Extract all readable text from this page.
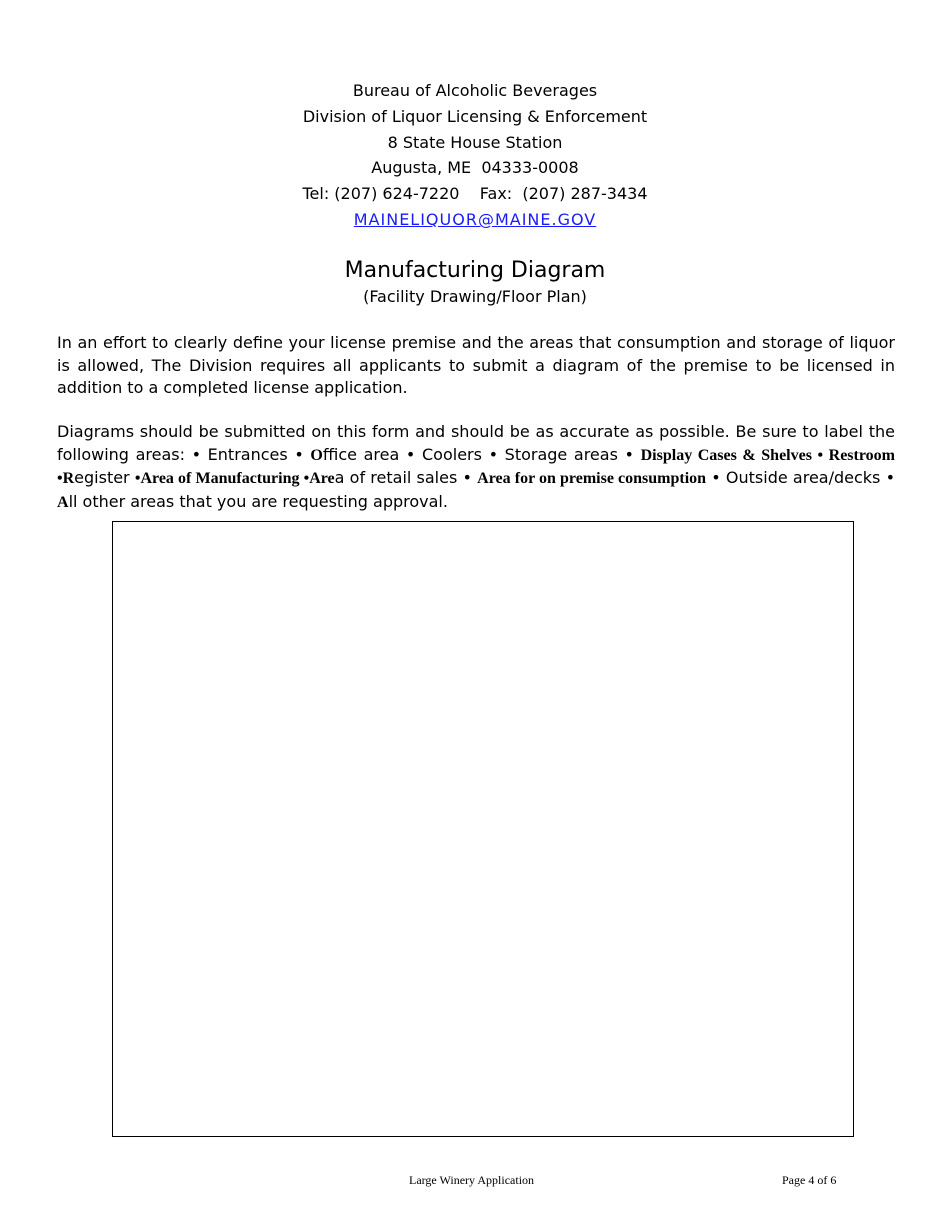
Bureau of Alcoholic Beverages
Division of Liquor Licensing & Enforcement
8 State House Station
Augusta, ME  04333-0008
Tel: (207) 624-7220    Fax:  (207) 287-3434
MAINELIQUOR@MAINE.GOV
Manufacturing Diagram
(Facility Drawing/Floor Plan)
In an effort to clearly define your license premise and the areas that consumption and storage of liquor is allowed, The Division requires all applicants to submit a diagram of the premise to be licensed in addition to a completed license application.
Diagrams should be submitted on this form and should be as accurate as possible. Be sure to label the following areas: • Entrances • Office area • Coolers • Storage areas • Display Cases & Shelves • Restroom •Register •Area of Manufacturing •Area of retail sales • Area for on premise consumption • Outside area/decks • All other areas that you are requesting approval.
Large Winery Application	Page 4 of 6
